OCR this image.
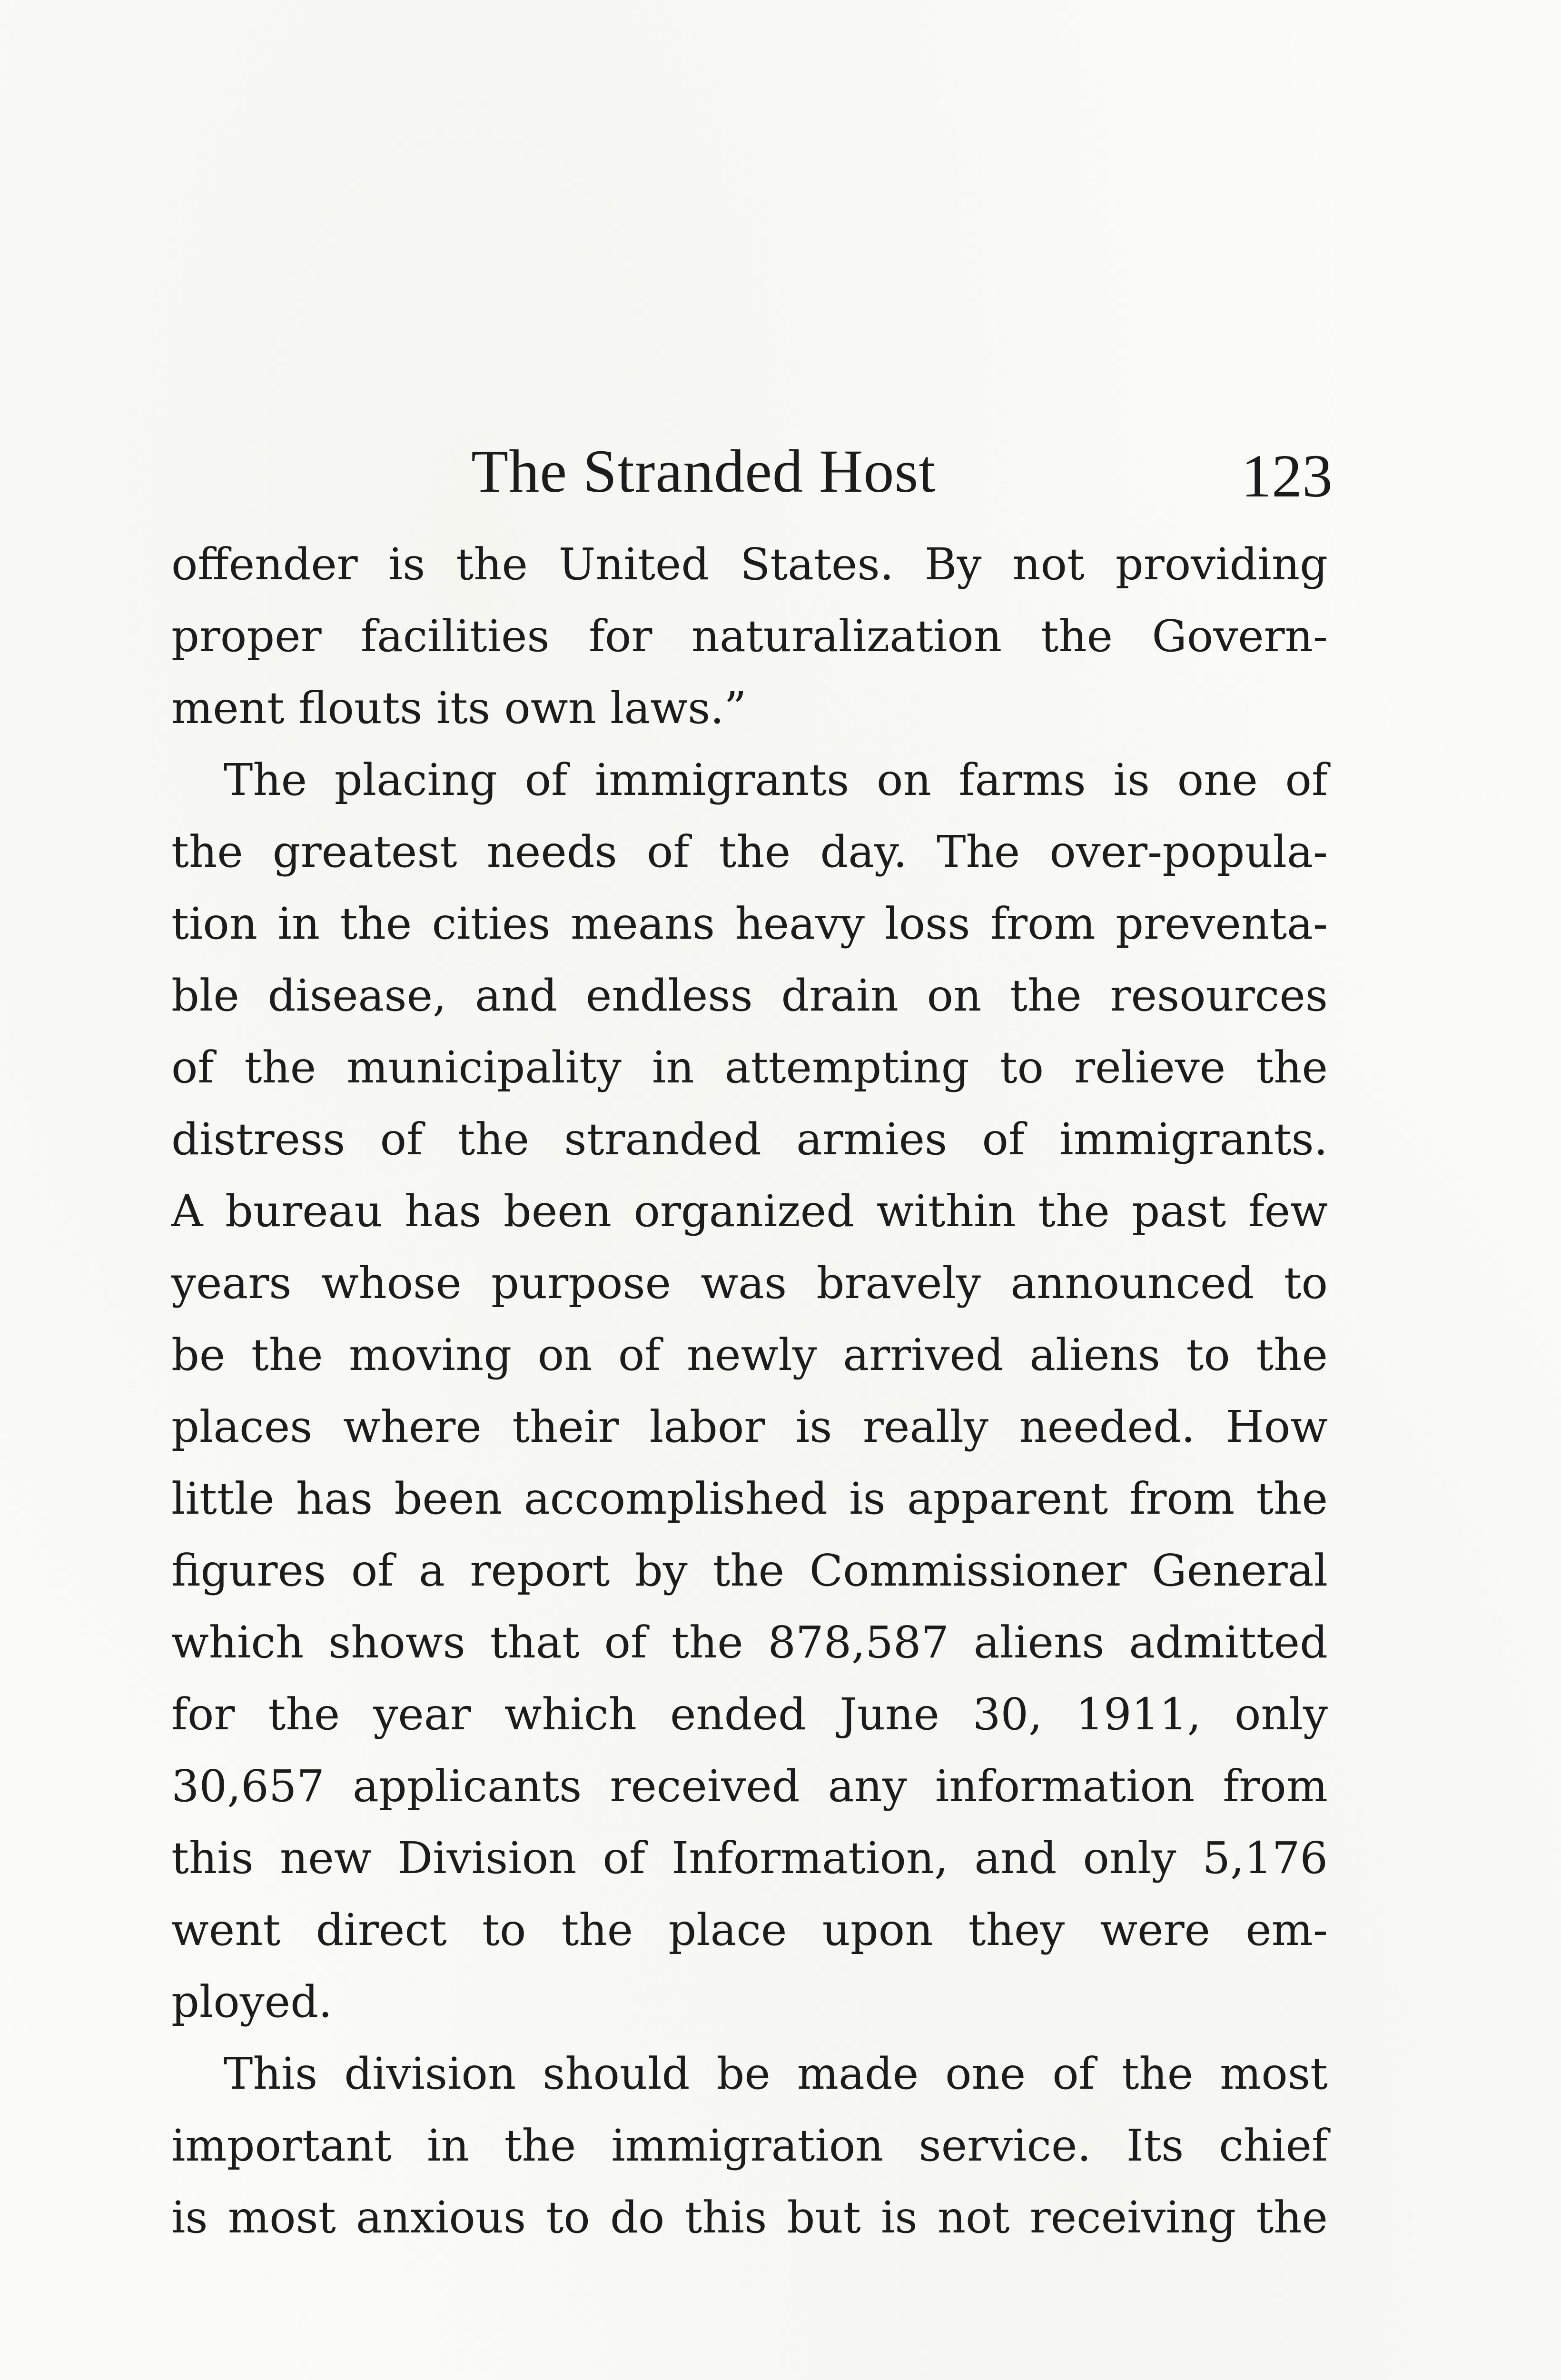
The Stranded Host	123
offender is the United States. By not providing
proper facilities for naturalization the Govern-
ment flouts its own laws.”
The placing of immigrants on farms is one of
the greatest needs of the day. The over-popula-
tion in the cities means heavy loss from preventa-
ble disease, and endless drain on the resources
of the municipality in attempting to relieve the
distress of the stranded armies of immigrants.
A bureau has been organized within the past few
years whose purpose was bravely announced to
be the moving on of newly arrived aliens to the
places where their labor is really needed. How
little has been accomplished is apparent from the
figures of a report by the Commissioner General
which shows that of the 878,587 aliens admitted
for the year which ended June 30, 1911, only
30,657 applicants received any information from
this new Division of Information, and only 5,176
went direct to the place upon they were em-
ployed.
This division should be made one of the most
important in the immigration service. Its chief
is most anxious to do this but is not receiving the
